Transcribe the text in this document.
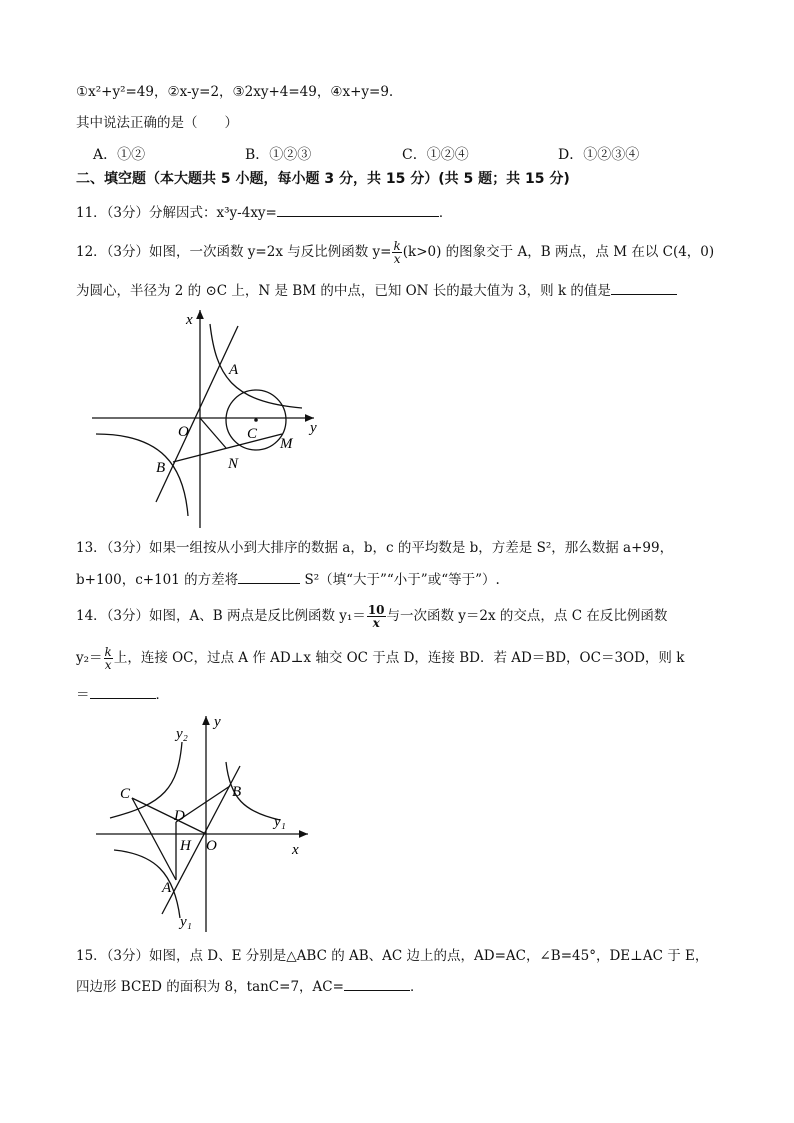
①x²+y²=49，②x-y=2，③2xy+4=49，④x+y=9.
其中说法正确的是（　　）
A．①②	B．①②③	C．①②④	D．①②③④
二、填空题（本大题共 5 小题，每小题 3 分，共 15 分）(共 5 题；共 15 分)
11．（3分）分解因式：x³y-4xy=	．
12．（3分）如图，一次函数 y=2x 与反比例函数 $y= \frac{k}{x} (k>0)$ 的图象交于 A，B 两点，点 M 在以 C(4，0)
为圆心，半径为 2 的 ⊙C 上，N 是 BM 的中点，已知 ON 长的最大值为 3，则 k 的值是
x
y
A
O	C
M
B	N
13．（3分）如果一组按从小到大排序的数据 a，b，c 的平均数是 b，方差是 S²，那么数据 a+99，
b+100，c+101 的方差将	S²（填“大于”“小于”或“等于”）.
14．（3分）如图，A、B 两点是反比例函数 $y_1= \frac{10}{x}$ 与一次函数 y＝2x 的交点，点 C 在反比例函数
$y_2= \frac{k}{x}$ 上，连接 OC，过点 A 作 AD⊥x 轴交 OC 于点 D，连接 BD．若 AD＝BD，OC＝3OD，则 k
＝	．
y
y₂
C	B
D	y₁
H O	x
A
y₁
15．（3分）如图，点 D、E 分别是△ABC 的 AB、AC 边上的点，AD=AC，∠B=45°，DE⊥AC 于 E，
四边形 BCED 的面积为 8，tanC=7，AC=	．
